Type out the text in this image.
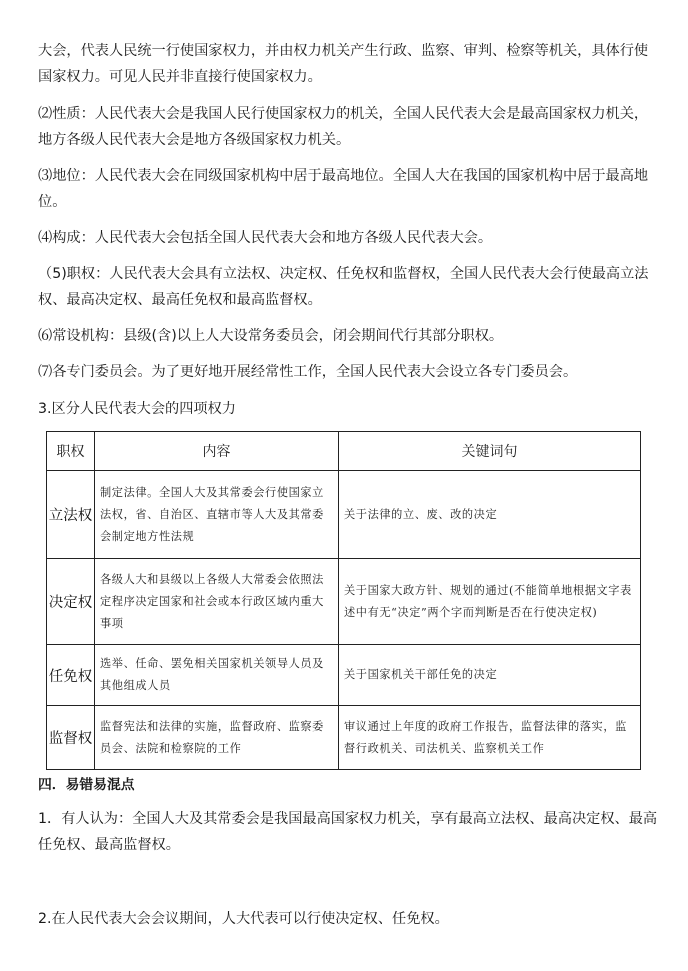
大会，代表人民统一行使国家权力，并由权力机关产生行政、监察、审判、检察等机关，具体行使国家权力。可见人民并非直接行使国家权力。

⑵性质：人民代表大会是我国人民行使国家权力的机关，全国人民代表大会是最高国家权力机关，地方各级人民代表大会是地方各级国家权力机关。

⑶地位：人民代表大会在同级国家机构中居于最高地位。全国人大在我国的国家机构中居于最高地位。

⑷构成：人民代表大会包括全国人民代表大会和地方各级人民代表大会。

（5)职权：人民代表大会具有立法权、决定权、任免权和监督权，全国人民代表大会行使最高立法权、最高决定权、最高任免权和最高监督权。

⑹常设机构：县级(含)以上人大设常务委员会，闭会期间代行其部分职权。

⑺各专门委员会。为了更好地开展经常性工作，全国人民代表大会设立各专门委员会。

3.区分人民代表大会的四项权力

职权	内容	关键词句
立法权	制定法律。全国人大及其常委会行使国家立法权，省、自治区、直辖市等人大及其常委会制定地方性法规	关于法律的立、废、改的决定
决定权	各级人大和县级以上各级人大常委会依照法定程序决定国家和社会或本行政区域内重大事项	关于国家大政方针、规划的通过(不能简单地根据文字表述中有无“决定”两个字而判断是否在行使决定权)
任免权	选举、任命、罢免相关国家机关领导人员及其他组成人员	关于国家机关干部任免的决定
监督权	监督宪法和法律的实施，监督政府、监察委员会、法院和检察院的工作	审议通过上年度的政府工作报告，监督法律的落实，监督行政机关、司法机关、监察机关工作

四．易错易混点

1．有人认为：全国人大及其常委会是我国最高国家权力机关，享有最高立法权、最高决定权、最高任免权、最高监督权。

2.在人民代表大会会议期间，人大代表可以行使决定权、任免权。
